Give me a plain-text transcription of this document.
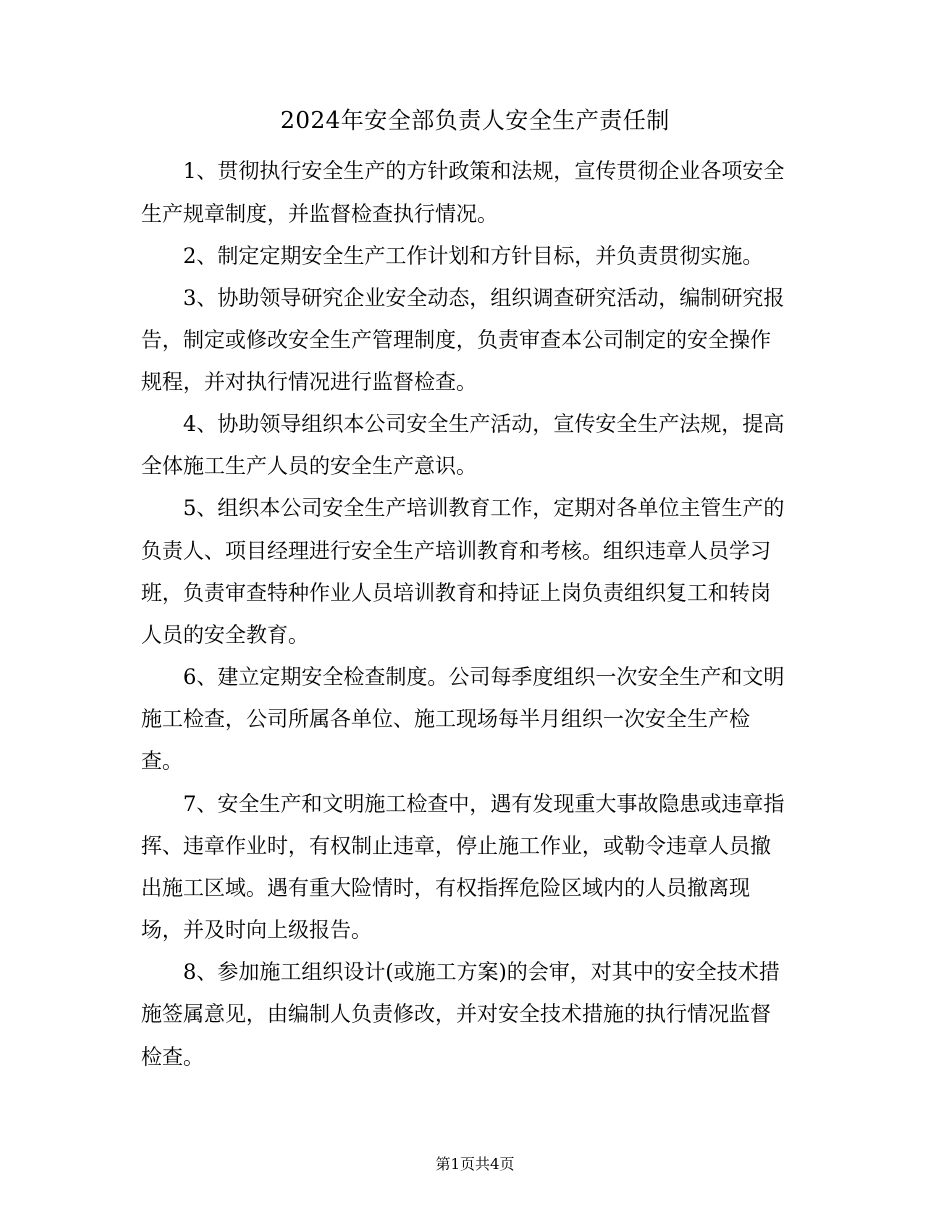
2024年安全部负责人安全生产责任制
1、贯彻执行安全生产的方针政策和法规，宣传贯彻企业各项安全
生产规章制度，并监督检查执行情况。
2、制定定期安全生产工作计划和方针目标，并负责贯彻实施。
3、协助领导研究企业安全动态，组织调查研究活动，编制研究报
告，制定或修改安全生产管理制度，负责审查本公司制定的安全操作
规程，并对执行情况进行监督检查。
4、协助领导组织本公司安全生产活动，宣传安全生产法规，提高
全体施工生产人员的安全生产意识。
5、组织本公司安全生产培训教育工作，定期对各单位主管生产的
负责人、项目经理进行安全生产培训教育和考核。组织违章人员学习
班，负责审查特种作业人员培训教育和持证上岗负责组织复工和转岗
人员的安全教育。
6、建立定期安全检查制度。公司每季度组织一次安全生产和文明
施工检查，公司所属各单位、施工现场每半月组织一次安全生产检
查。
7、安全生产和文明施工检查中，遇有发现重大事故隐患或违章指
挥、违章作业时，有权制止违章，停止施工作业，或勒令违章人员撤
出施工区域。遇有重大险情时，有权指挥危险区域内的人员撤离现
场，并及时向上级报告。
8、参加施工组织设计(或施工方案)的会审，对其中的安全技术措
施签属意见，由编制人负责修改，并对安全技术措施的执行情况监督
检查。
第1页共4页
